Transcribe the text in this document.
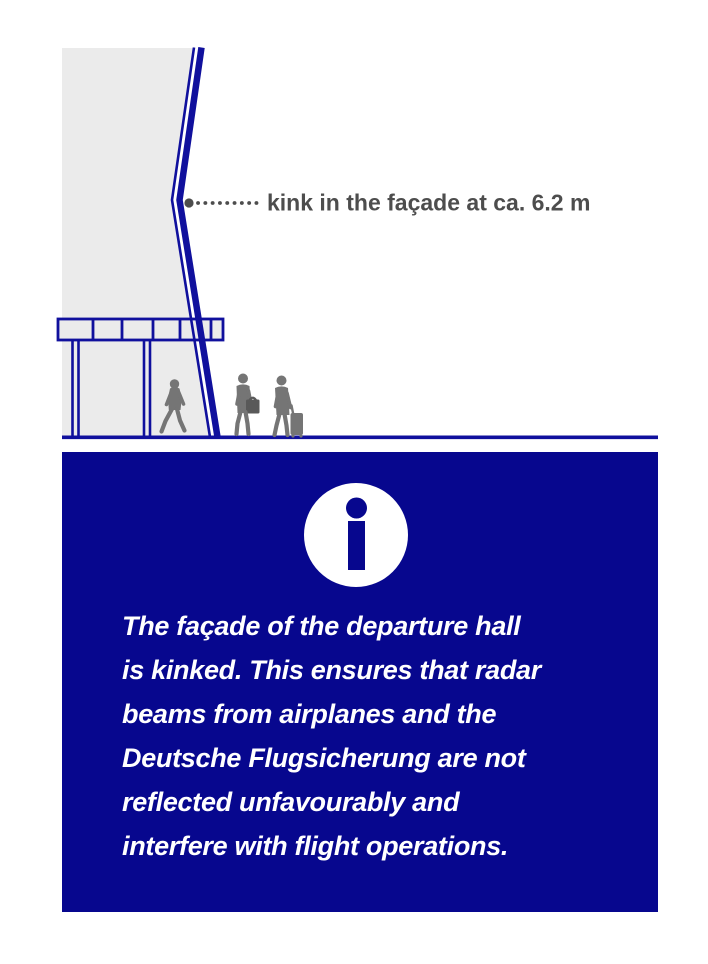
kink in the façade at ca. 6.2 m
The façade of the departure hall
is kinked. This ensures that radar
beams from airplanes and the
Deutsche Flugsicherung are not
reflected unfavourably and
interfere with flight operations.
